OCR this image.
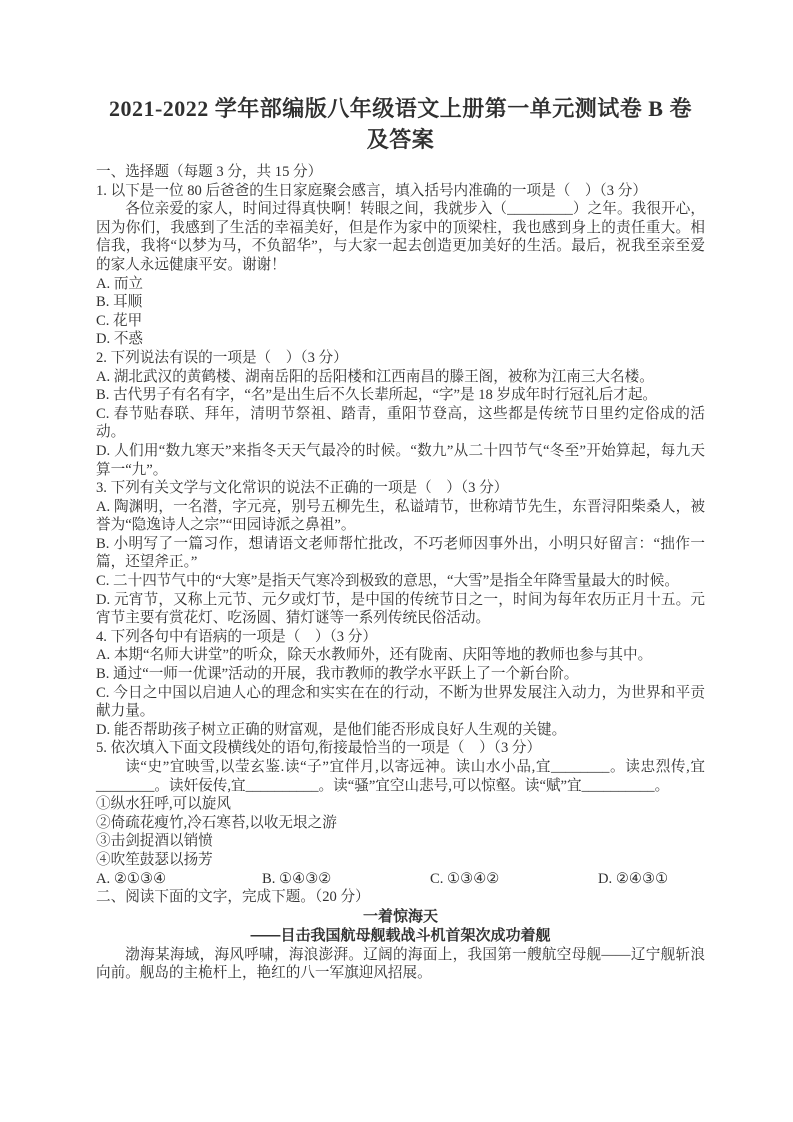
2021-2022 学年部编版八年级语文上册第一单元测试卷 B 卷
及答案

一、选择题（每题 3 分，共 15 分）

1. 以下是一位 80 后爸爸的生日家庭聚会感言，填入括号内准确的一项是（　）（3 分）

各位亲爱的家人，时间过得真快啊！转眼之间，我就步入（_________）之年。我很开心，因为你们，我感到了生活的幸福美好，但是作为家中的顶梁柱，我也感到身上的责任重大。相信我，我将“以梦为马，不负韶华”，与大家一起去创造更加美好的生活。最后，祝我至亲至爱的家人永远健康平安。谢谢！

A. 而立

B. 耳顺

C. 花甲

D. 不惑

2. 下列说法有误的一项是（　）（3 分）

A. 湖北武汉的黄鹤楼、湖南岳阳的岳阳楼和江西南昌的滕王阁，被称为江南三大名楼。

B. 古代男子有名有字，“名”是出生后不久长辈所起，“字”是 18 岁成年时行冠礼后才起。

C. 春节贴春联、拜年，清明节祭祖、踏青，重阳节登高，这些都是传统节日里约定俗成的活动。

D. 人们用“数九寒天”来指冬天天气最冷的时候。“数九”从二十四节气“冬至”开始算起，每九天算一“九”。

3. 下列有关文学与文化常识的说法不正确的一项是（　）（3 分）

A. 陶渊明，一名潜，字元亮，别号五柳先生，私谥靖节，世称靖节先生，东晋浔阳柴桑人，被誉为“隐逸诗人之宗”“田园诗派之鼻祖”。

B. 小明写了一篇习作，想请语文老师帮忙批改，不巧老师因事外出，小明只好留言：“拙作一篇，还望斧正。”

C. 二十四节气中的“大寒”是指天气寒冷到极致的意思，“大雪”是指全年降雪量最大的时候。

D. 元宵节，又称上元节、元夕或灯节，是中国的传统节日之一，时间为每年农历正月十五。元宵节主要有赏花灯、吃汤圆、猜灯谜等一系列传统民俗活动。

4. 下列各句中有语病的一项是（　）（3 分）

A. 本期“名师大讲堂”的听众，除天水教师外，还有陇南、庆阳等地的教师也参与其中。

B. 通过“一师一优课”活动的开展，我市教师的教学水平跃上了一个新台阶。

C. 今日之中国以启迪人心的理念和实实在在的行动，不断为世界发展注入动力，为世界和平贡献力量。

D. 能否帮助孩子树立正确的财富观，是他们能否形成良好人生观的关键。

5. 依次填入下面文段横线处的语句,衔接最恰当的一项是（　）（3 分）

读“史”宜映雪,以莹玄鉴.读“子”宜伴月,以寄远神。读山水小品,宜________。读忠烈传,宜________。读奸佞传,宜__________。读“骚”宜空山悲号,可以惊壑。读“赋”宜__________。

①纵水狂呼,可以旋风

②倚疏花瘦竹,冷石寒苔,以收无垠之游

③击剑捉酒以销愤

④吹笙鼓瑟以扬芳

A. ②①③④	B. ①④③②	C. ①③④②	D. ②④③①

二、阅读下面的文字，完成下题。（20 分）

一着惊海天

——目击我国航母舰载战斗机首架次成功着舰

渤海某海域，海风呼啸，海浪澎湃。辽阔的海面上，我国第一艘航空母舰——辽宁舰斩浪向前。舰岛的主桅杆上，艳红的八一军旗迎风招展。
